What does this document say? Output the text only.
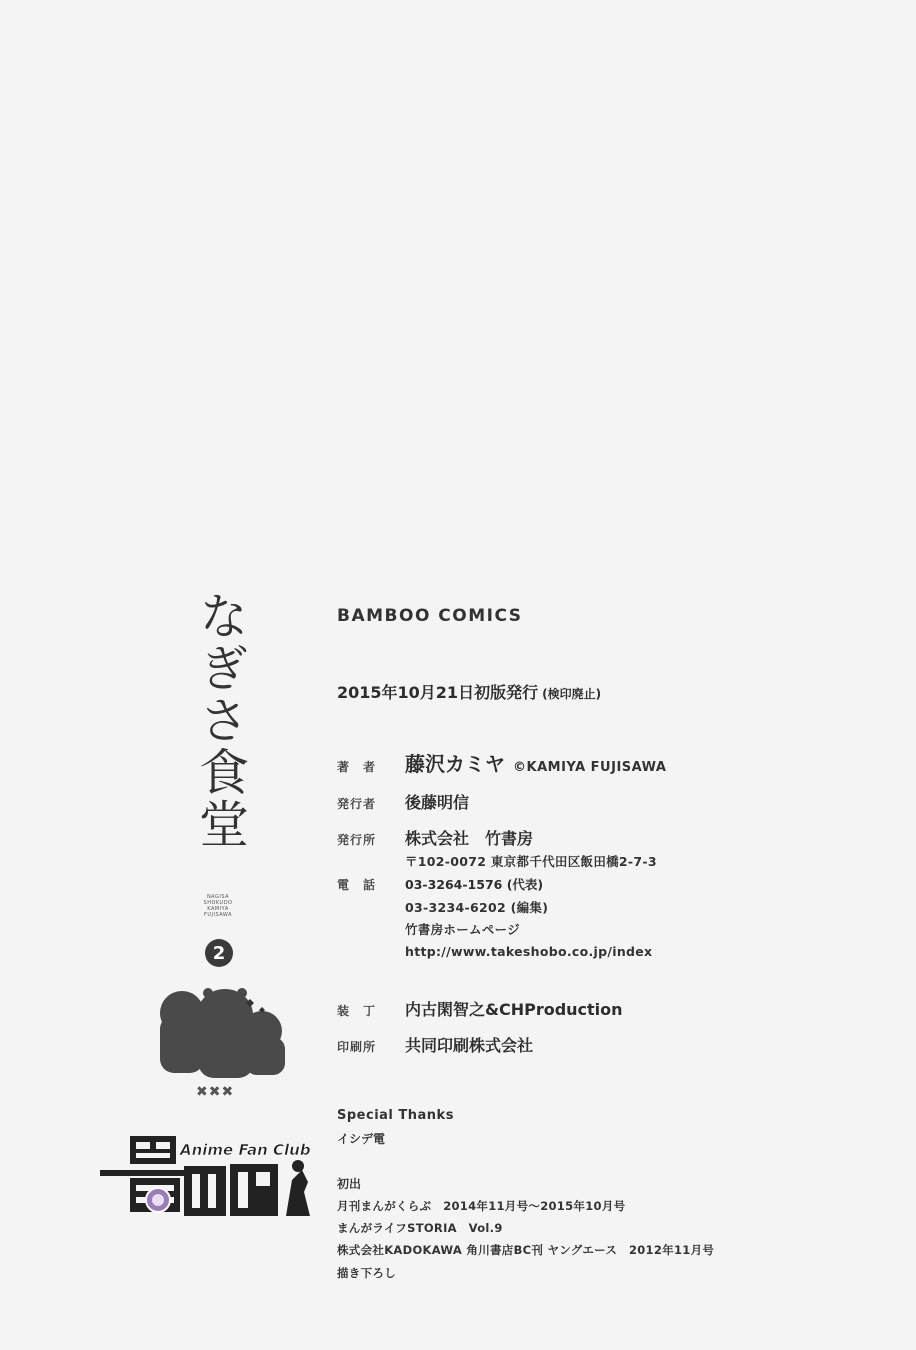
なぎさ食堂
NAGISA
SHOKUDO
KAMIYA
FUJISAWA
2
✖✖✖
Anime Fan Club
BAMBOO COMICS
2015年10月21日初版発行 (検印廃止)
著　者	藤沢カミヤ ©KAMIYA FUJISAWA
発行者	後藤明信
発行所	株式会社　竹書房
〒102-0072 東京都千代田区飯田橋2-7-3
電　話	03-3264-1576 (代表)
03-3234-6202 (編集)
竹書房ホームページ
http://www.takeshobo.co.jp/index
装　丁	内古閑智之&CHProduction
印刷所	共同印刷株式会社
Special Thanks
イシデ電
初出
月刊まんがくらぶ　2014年11月号～2015年10月号
まんがライフSTORIA　Vol.9
株式会社KADOKAWA 角川書店BC刊 ヤングエース　2012年11月号
描き下ろし
